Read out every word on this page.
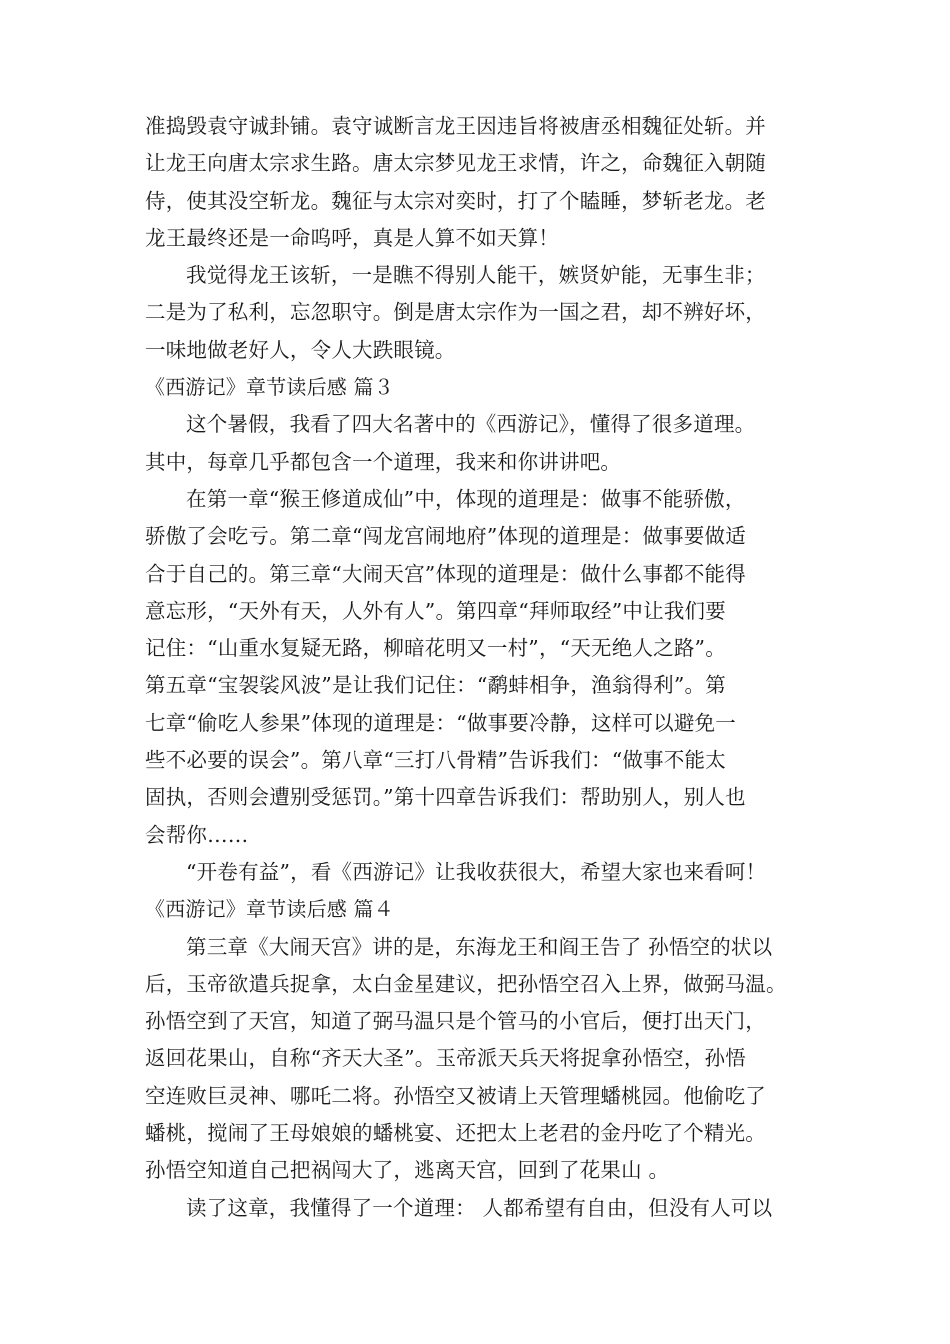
准捣毁袁守诚卦铺。袁守诚断言龙王因违旨将被唐丞相魏征处斩。并
让龙王向唐太宗求生路。唐太宗梦见龙王求情，许之，命魏征入朝随
侍，使其没空斩龙。魏征与太宗对奕时，打了个瞌睡，梦斩老龙。老
龙王最终还是一命呜呼，真是人算不如天算！
我觉得龙王该斩，一是瞧不得别人能干，嫉贤妒能，无事生非；
二是为了私利，忘忽职守。倒是唐太宗作为一国之君，却不辨好坏，
一味地做老好人，令人大跌眼镜。
《西游记》章节读后感 篇３
这个暑假，我看了四大名著中的《西游记》，懂得了很多道理。
其中，每章几乎都包含一个道理，我来和你讲讲吧。
在第一章“猴王修道成仙”中，体现的道理是：做事不能骄傲，
骄傲了会吃亏。第二章“闯龙宫闹地府”体现的道理是：做事要做适
合于自己的。第三章“大闹天宫”体现的道理是：做什么事都不能得
意忘形，“天外有天，人外有人”。第四章“拜师取经”中让我们要
记住：“山重水复疑无路，柳暗花明又一村”，“天无绝人之路”。
第五章“宝袈裟风波”是让我们记住：“鹬蚌相争，渔翁得利”。第
七章“偷吃人参果”体现的道理是：“做事要冷静，这样可以避免一
些不必要的误会”。第八章“三打八骨精”告诉我们：“做事不能太
固执，否则会遭别受惩罚。”第十四章告诉我们：帮助别人，别人也
会帮你……
“开卷有益”，看《西游记》让我收获很大，希望大家也来看呵！
《西游记》章节读后感 篇４
第三章《大闹天宫》讲的是，东海龙王和阎王告了 孙悟空的状以
后，玉帝欲遣兵捉拿，太白金星建议，把孙悟空召入上界，做弼马温。
孙悟空到了天宫，知道了弼马温只是个管马的小官后，便打出天门，
返回花果山，自称“齐天大圣”。玉帝派天兵天将捉拿孙悟空，孙悟
空连败巨灵神、哪吒二将。孙悟空又被请上天管理蟠桃园。他偷吃了
蟠桃，搅闹了王母娘娘的蟠桃宴、还把太上老君的金丹吃了个精光。
孙悟空知道自己把祸闯大了，逃离天宫，回到了花果山 。
读了这章，我懂得了一个道理： 人都希望有自由，但没有人可以
